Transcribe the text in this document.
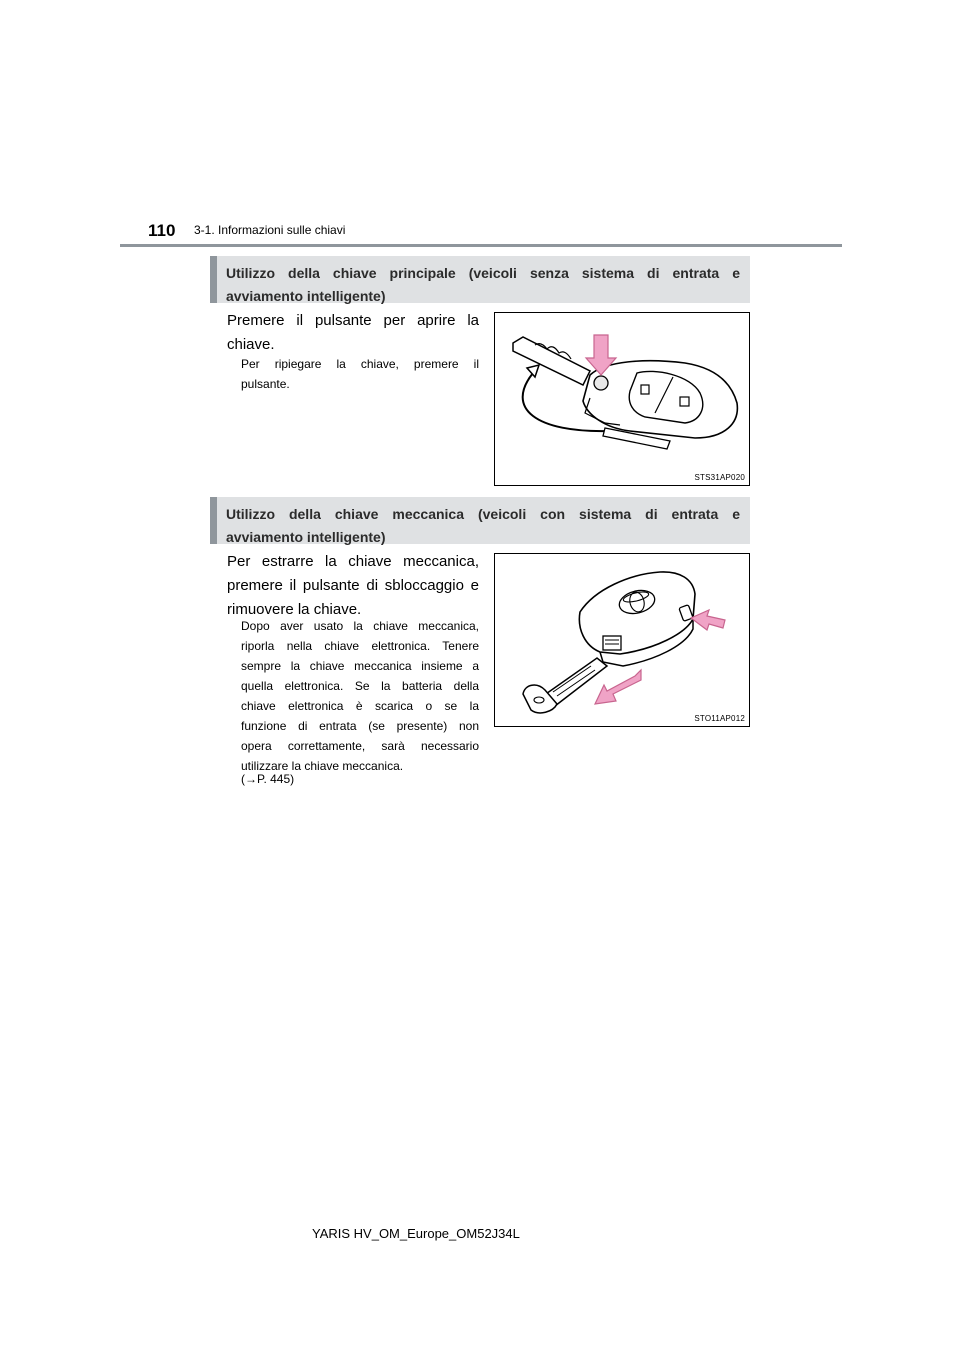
110 3-1. Informazioni sulle chiavi
Utilizzo della chiave principale (veicoli senza sistema di entrata e
avviamento intelligente)
Premere il pulsante per aprire la
chiave.
Per ripiegare la chiave, premere il
pulsante.
STS31AP020
Utilizzo della chiave meccanica (veicoli con sistema di entrata e
avviamento intelligente)
Per estrarre la chiave meccanica,
premere il pulsante di sbloccaggio e
rimuovere la chiave.
Dopo aver usato la chiave meccanica,
riporla nella chiave elettronica. Tenere
sempre la chiave meccanica insieme a
quella elettronica. Se la batteria della
chiave elettronica è scarica o se la
funzione di entrata (se presente) non
opera correttamente, sarà necessario
utilizzare la chiave meccanica.
(→P. 445)
STO11AP012
YARIS HV_OM_Europe_OM52J34L
